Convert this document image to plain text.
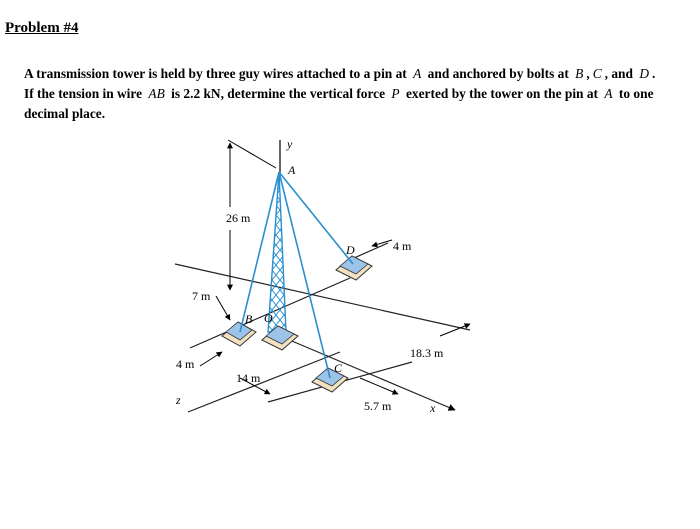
Problem #4
A transmission tower is held by three guy wires attached to a pin at A and anchored by bolts at B , C , and D . If the tension in wire AB is 2.2 kN, determine the vertical force P exerted by the tower on the pin at A to one decimal place.
y
A
26 m
D	4 m
7 m
O
B
18.3 m
C
4 m
14 m
5.7 m
z
x
